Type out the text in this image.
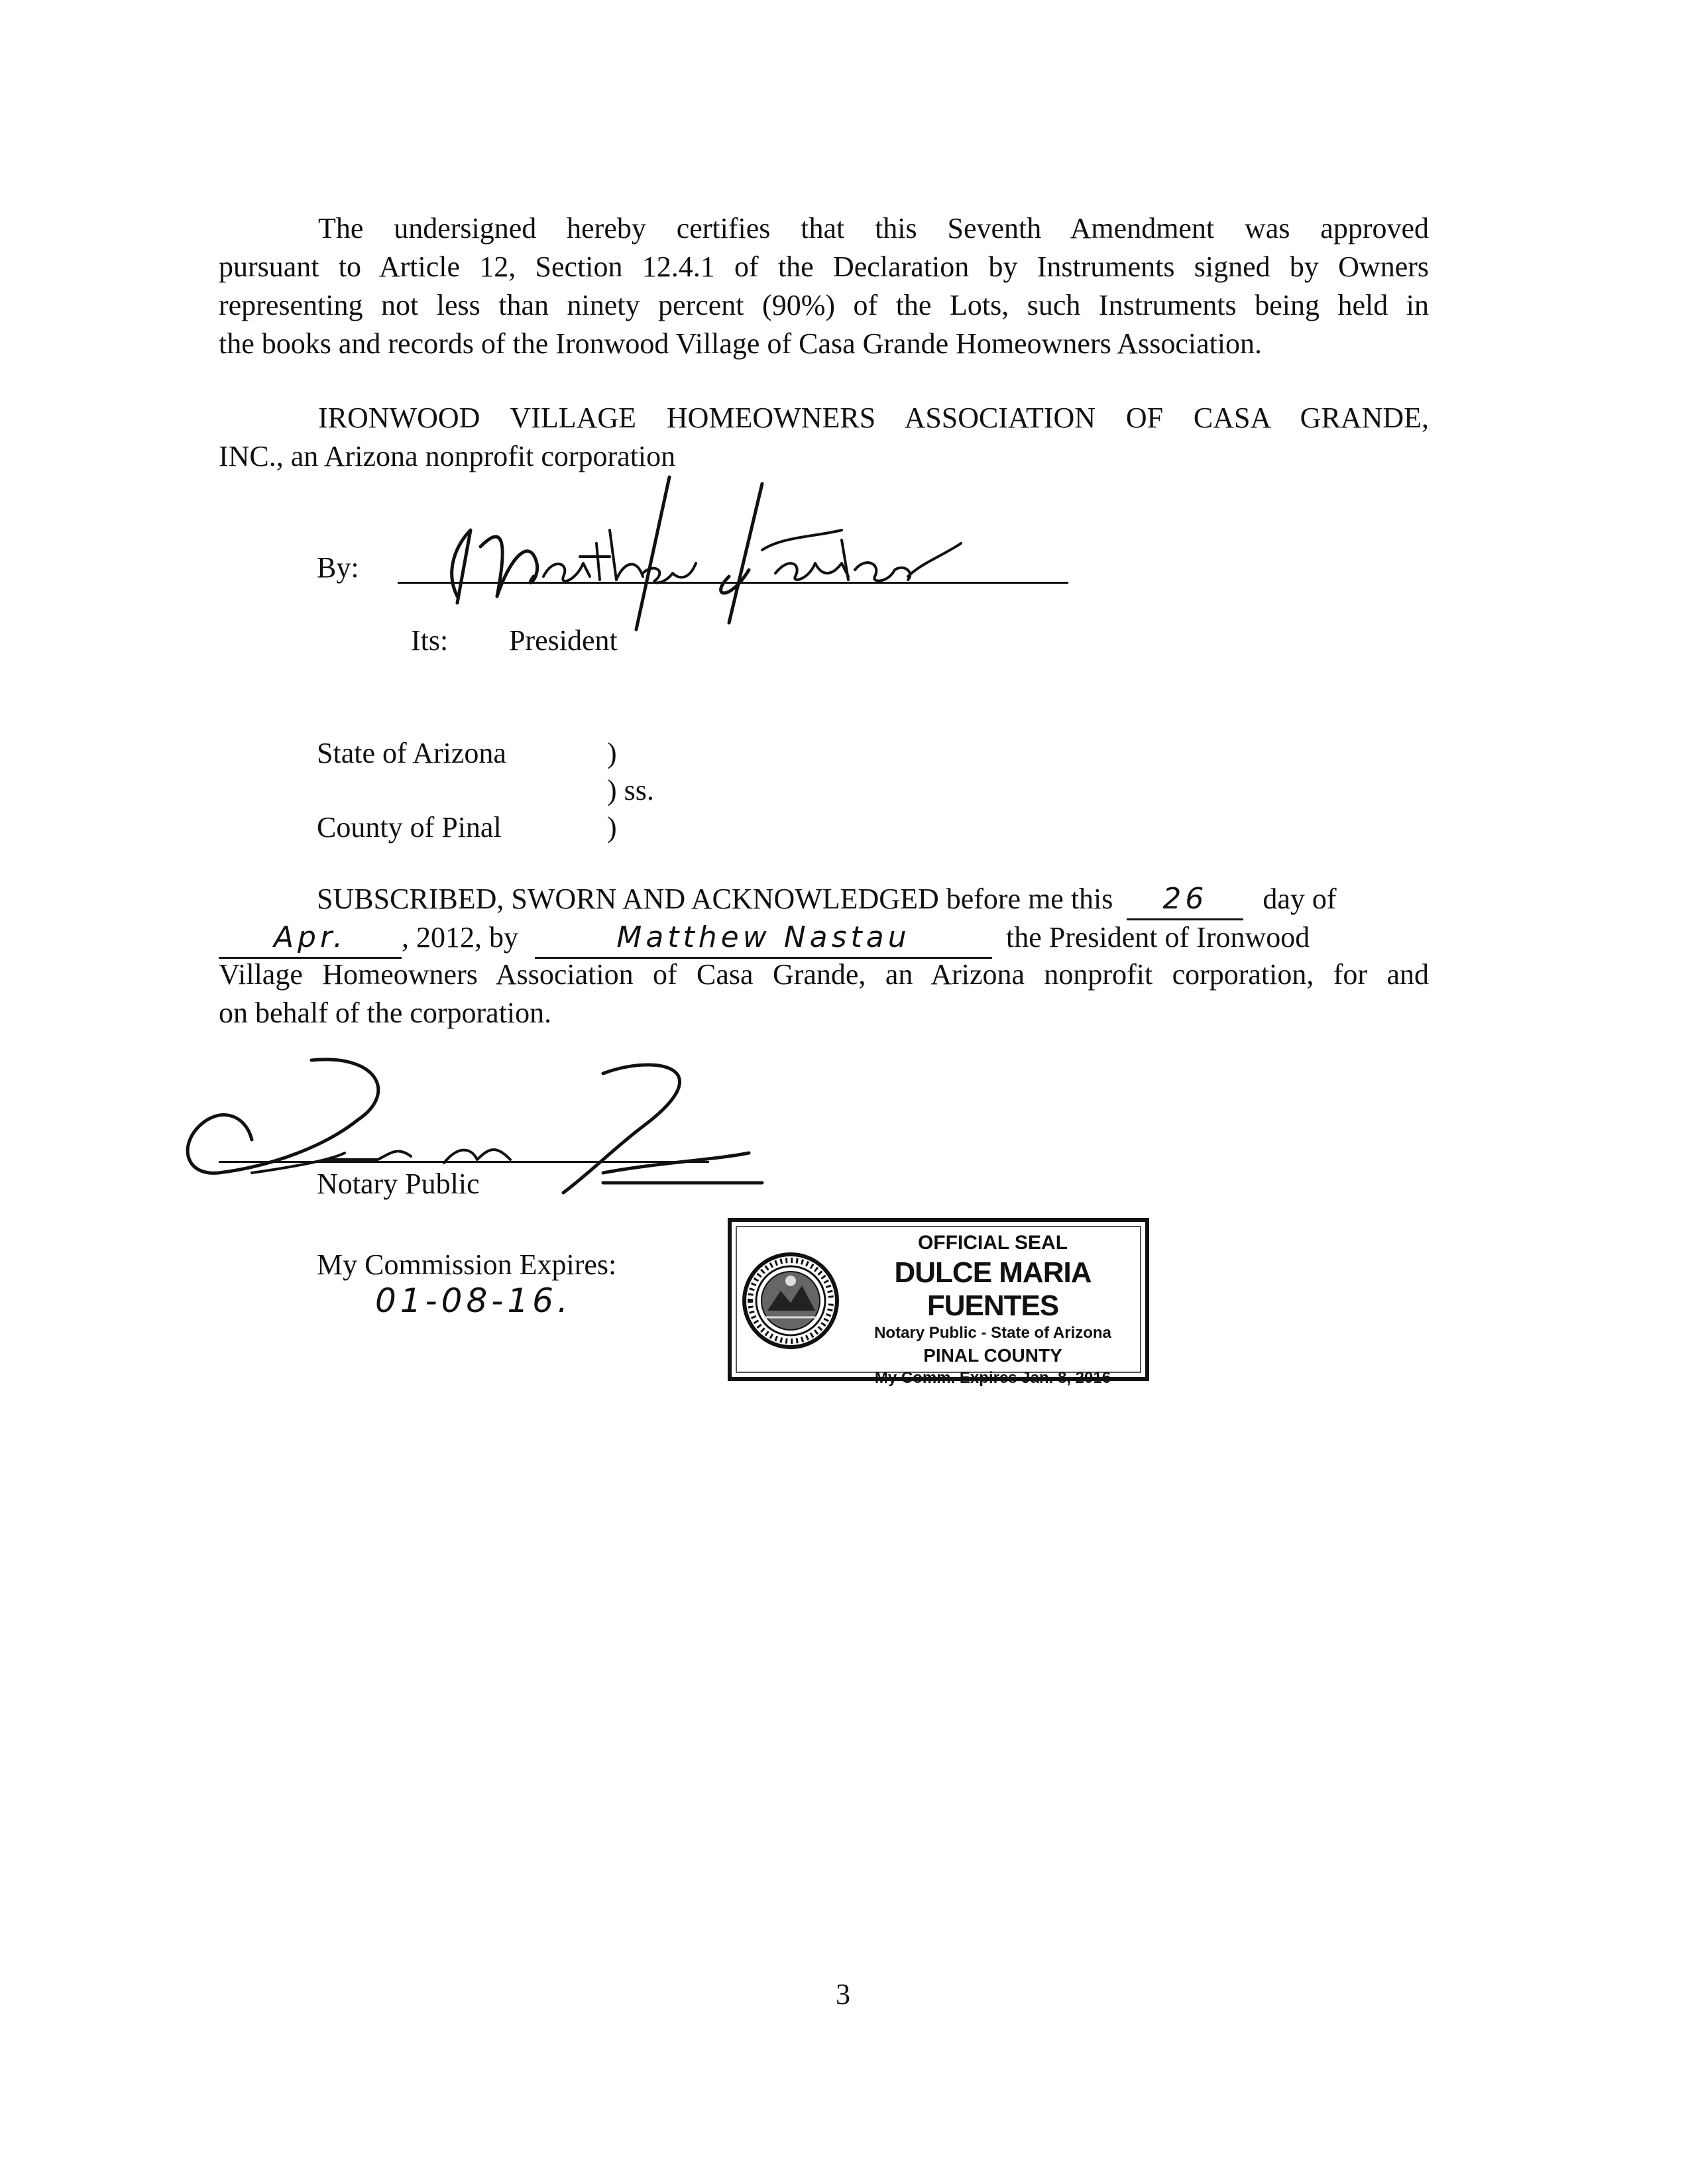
The undersigned hereby certifies that this Seventh Amendment was approved
pursuant to Article 12, Section 12.4.1 of the Declaration by Instruments signed by Owners
representing not less than ninety percent (90%) of the Lots, such Instruments being held in
the books and records of the Ironwood Village of Casa Grande Homeowners Association.
IRONWOOD VILLAGE HOMEOWNERS ASSOCIATION OF CASA GRANDE,
INC., an Arizona nonprofit corporation
By:
Its: President
State of Arizona	)
) ss.
County of Pinal	)
SUBSCRIBED, SWORN AND ACKNOWLEDGED before me this 26 day of
Apr. , 2012, by	Matthew Nastau	the President of Ironwood
Village Homeowners Association of Casa Grande, an Arizona nonprofit corporation, for and
on behalf of the corporation.
Notary Public
My Commission Expires:
01-08-16.
OFFICIAL SEAL
DULCE MARIA FUENTES
Notary Public - State of Arizona
PINAL COUNTY
My Comm. Expires Jan. 8, 2016
3
